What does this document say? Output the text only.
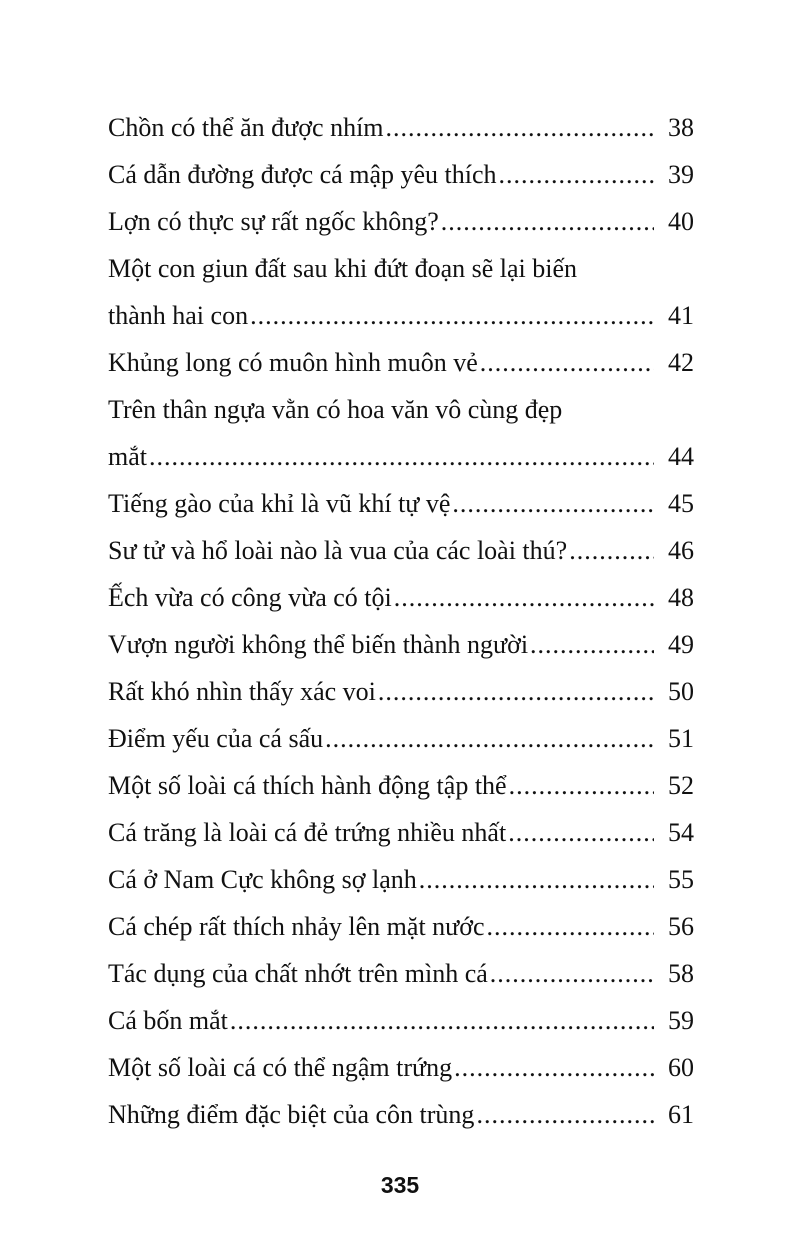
Chồn có thể ăn được nhím .....	38
Cá dẫn đường được cá mập yêu thích .....	39
Lợn có thực sự rất ngốc không? .....	40
Một con giun đất sau khi đứt đoạn sẽ lại biến
thành hai con .....	41
Khủng long có muôn hình muôn vẻ .....	42
Trên thân ngựa vằn có hoa văn vô cùng đẹp
mắt .....	44
Tiếng gào của khỉ là vũ khí tự vệ .....	45
Sư tử và hổ loài nào là vua của các loài thú? .....	46
Ếch vừa có công vừa có tội .....	48
Vượn người không thể biến thành người .....	49
Rất khó nhìn thấy xác voi .....	50
Điểm yếu của cá sấu .....	51
Một số loài cá thích hành động tập thể .....	52
Cá trăng là loài cá đẻ trứng nhiều nhất .....	54
Cá ở Nam Cực không sợ lạnh .....	55
Cá chép rất thích nhảy lên mặt nước .....	56
Tác dụng của chất nhớt trên mình cá .....	58
Cá bốn mắt .....	59
Một số loài cá có thể ngậm trứng .....	60
Những điểm đặc biệt của côn trùng .....	61
335
